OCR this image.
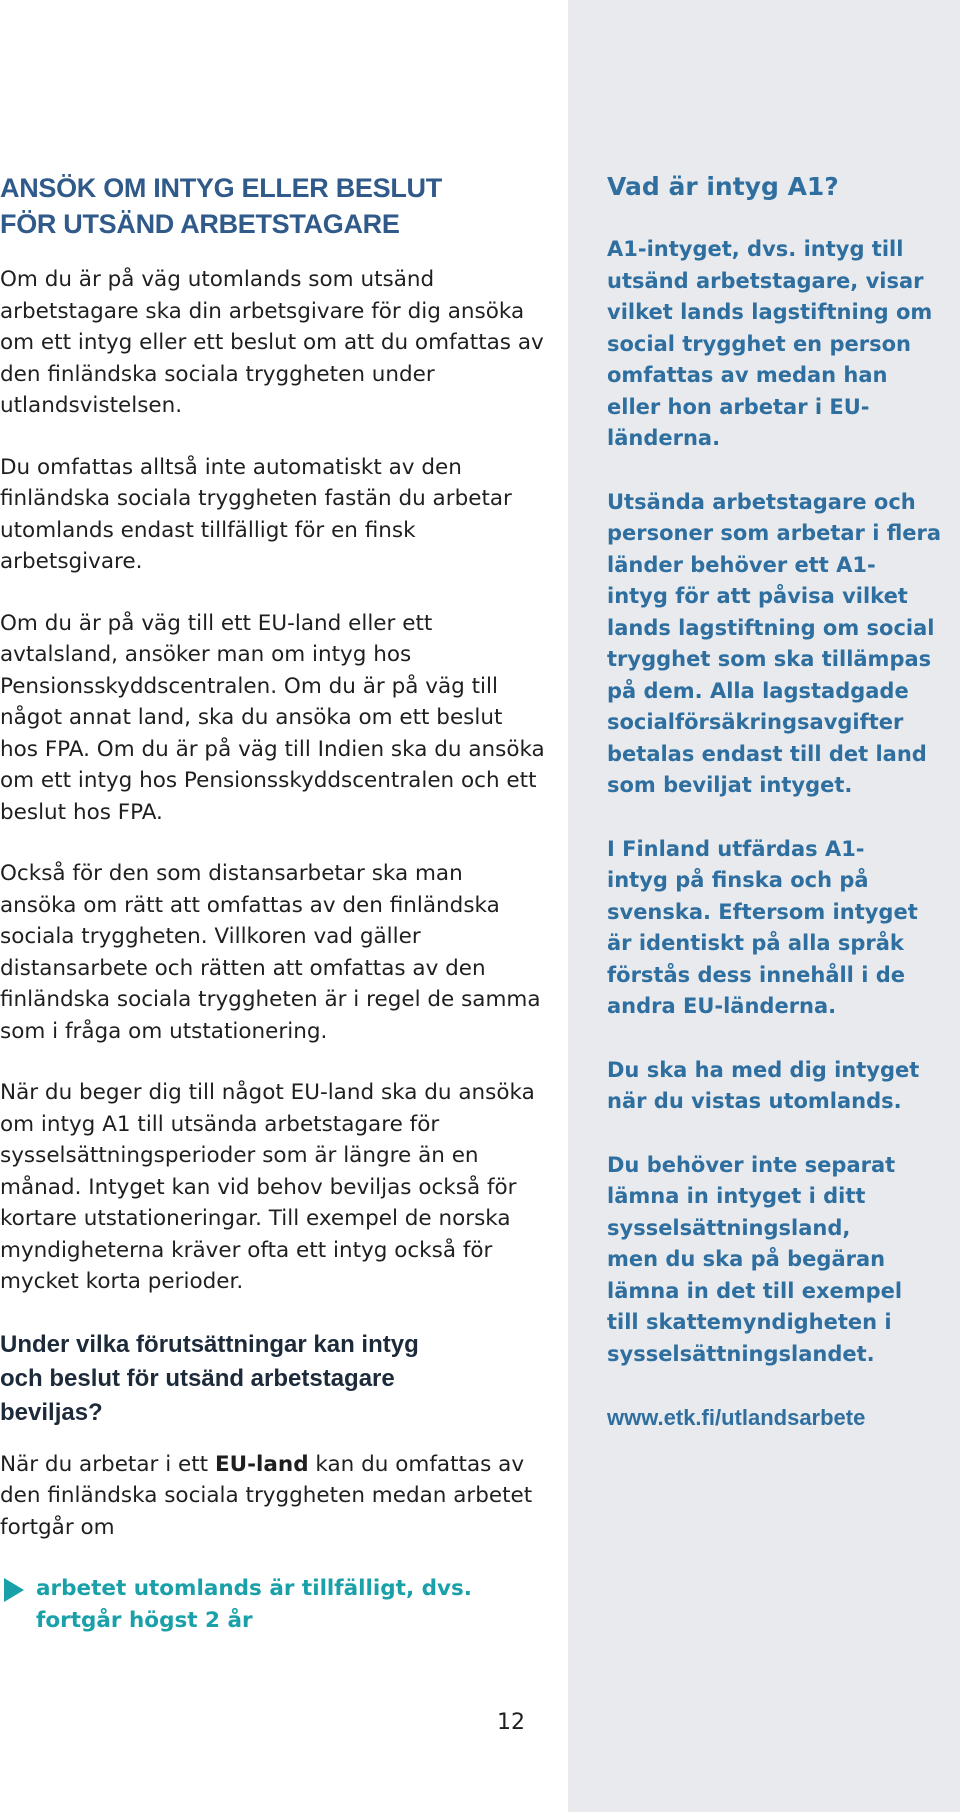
ANSÖK OM INTYG ELLER BESLUT
FÖR UTSÄND ARBETSTAGARE

Om du är på väg utomlands som utsänd arbetstagare ska din arbetsgivare för dig ansöka om ett intyg eller ett beslut om att du omfattas av den finländska sociala tryggheten under utlandsvistelsen.

Du omfattas alltså inte automatiskt av den finländska sociala tryggheten fastän du arbetar utomlands endast tillfälligt för en finsk arbetsgivare.

Om du är på väg till ett EU-land eller ett avtalsland, ansöker man om intyg hos Pensionsskyddscentralen. Om du är på väg till något annat land, ska du ansöka om ett beslut hos FPA. Om du är på väg till Indien ska du ansöka om ett intyg hos Pensionsskyddscentralen och ett beslut hos FPA.

Också för den som distansarbetar ska man ansöka om rätt att omfattas av den finländska sociala tryggheten. Villkoren vad gäller distansarbete och rätten att omfattas av den finländska sociala tryggheten är i regel de samma som i fråga om utstationering.

När du beger dig till något EU-land ska du ansöka om intyg A1 till utsända arbetstagare för sysselsättningsperioder som är längre än en månad. Intyget kan vid behov beviljas också för kortare utstationeringar. Till exempel de norska myndigheterna kräver ofta ett intyg också för mycket korta perioder.

Under vilka förutsättningar kan intyg
och beslut för utsänd arbetstagare
beviljas?

När du arbetar i ett EU-land kan du omfattas av den finländska sociala tryggheten medan arbetet fortgår om

arbetet utomlands är tillfälligt, dvs.
fortgår högst 2 år
12
Vad är intyg A1?

A1-intyget, dvs. intyg till
utsänd arbetstagare, visar
vilket lands lagstiftning om
social trygghet en person
omfattas av medan han
eller hon arbetar i EU-
länderna.

Utsända arbetstagare och
personer som arbetar i flera
länder behöver ett A1-
intyg för att påvisa vilket
lands lagstiftning om social
trygghet som ska tillämpas
på dem. Alla lagstadgade
socialförsäkringsavgifter
betalas endast till det land
som beviljat intyget.

I Finland utfärdas A1-
intyg på finska och på
svenska. Eftersom intyget
är identiskt på alla språk
förstås dess innehåll i de
andra EU-länderna.

Du ska ha med dig intyget
när du vistas utomlands.

Du behöver inte separat
lämna in intyget i ditt
sysselsättningsland,
men du ska på begäran
lämna in det till exempel
till skattemyndigheten i
sysselsättningslandet.

www.etk.fi/utlandsarbete
